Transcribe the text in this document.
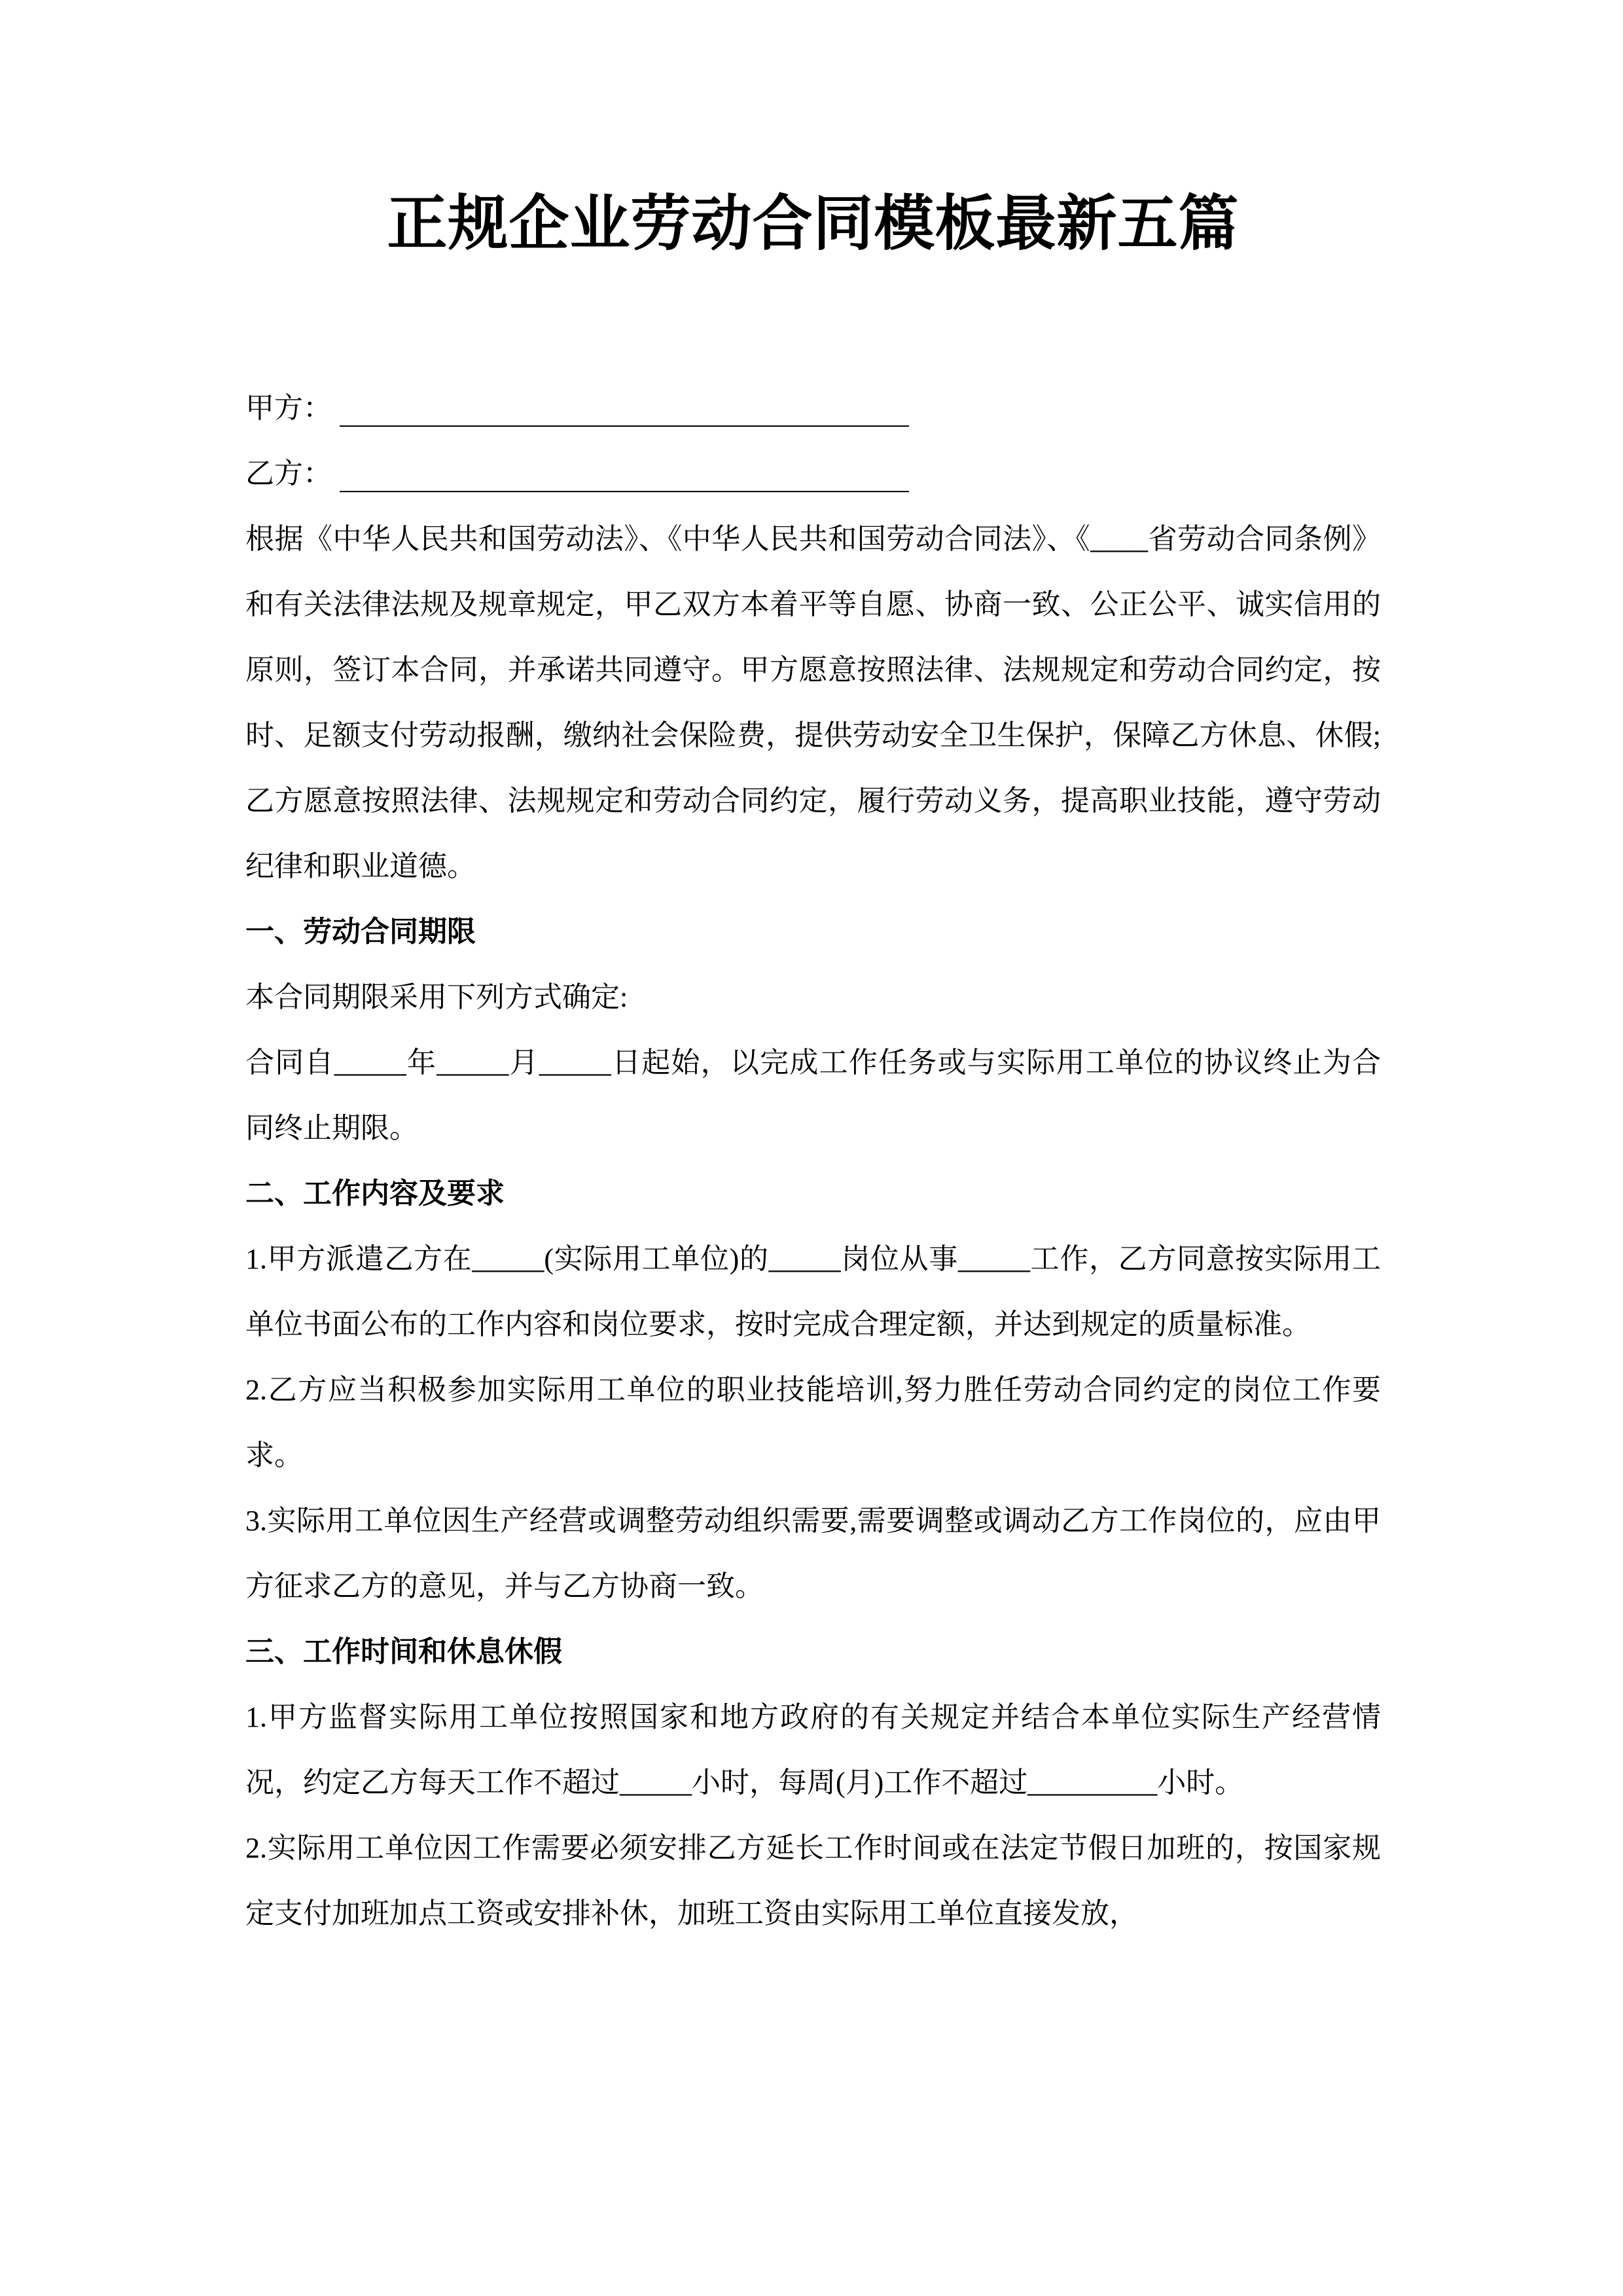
正规企业劳动合同模板最新五篇
甲方：
乙方：

根据《中华人民共和国劳动法》、《中华人民共和国劳动合同法》、《____省劳动合同条例》和有关法律法规及规章规定，甲乙双方本着平等自愿、协商一致、公正公平、诚实信用的原则，签订本合同，并承诺共同遵守。甲方愿意按照法律、法规规定和劳动合同约定，按时、足额支付劳动报酬，缴纳社会保险费，提供劳动安全卫生保护，保障乙方休息、休假;乙方愿意按照法律、法规规定和劳动合同约定，履行劳动义务，提高职业技能，遵守劳动纪律和职业道德。

一、劳动合同期限

本合同期限采用下列方式确定:

合同自_____年_____月_____日起始，以完成工作任务或与实际用工单位的协议终止为合同终止期限。

二、工作内容及要求

1.甲方派遣乙方在_____(实际用工单位)的_____岗位从事_____工作，乙方同意按实际用工单位书面公布的工作内容和岗位要求，按时完成合理定额，并达到规定的质量标准。

2.乙方应当积极参加实际用工单位的职业技能培训,努力胜任劳动合同约定的岗位工作要求。

3.实际用工单位因生产经营或调整劳动组织需要,需要调整或调动乙方工作岗位的，应由甲方征求乙方的意见，并与乙方协商一致。

三、工作时间和休息休假

1.甲方监督实际用工单位按照国家和地方政府的有关规定并结合本单位实际生产经营情况，约定乙方每天工作不超过_____小时，每周(月)工作不超过_________小时。

2.实际用工单位因工作需要必须安排乙方延长工作时间或在法定节假日加班的，按国家规定支付加班加点工资或安排补休，加班工资由实际用工单位直接发放，
